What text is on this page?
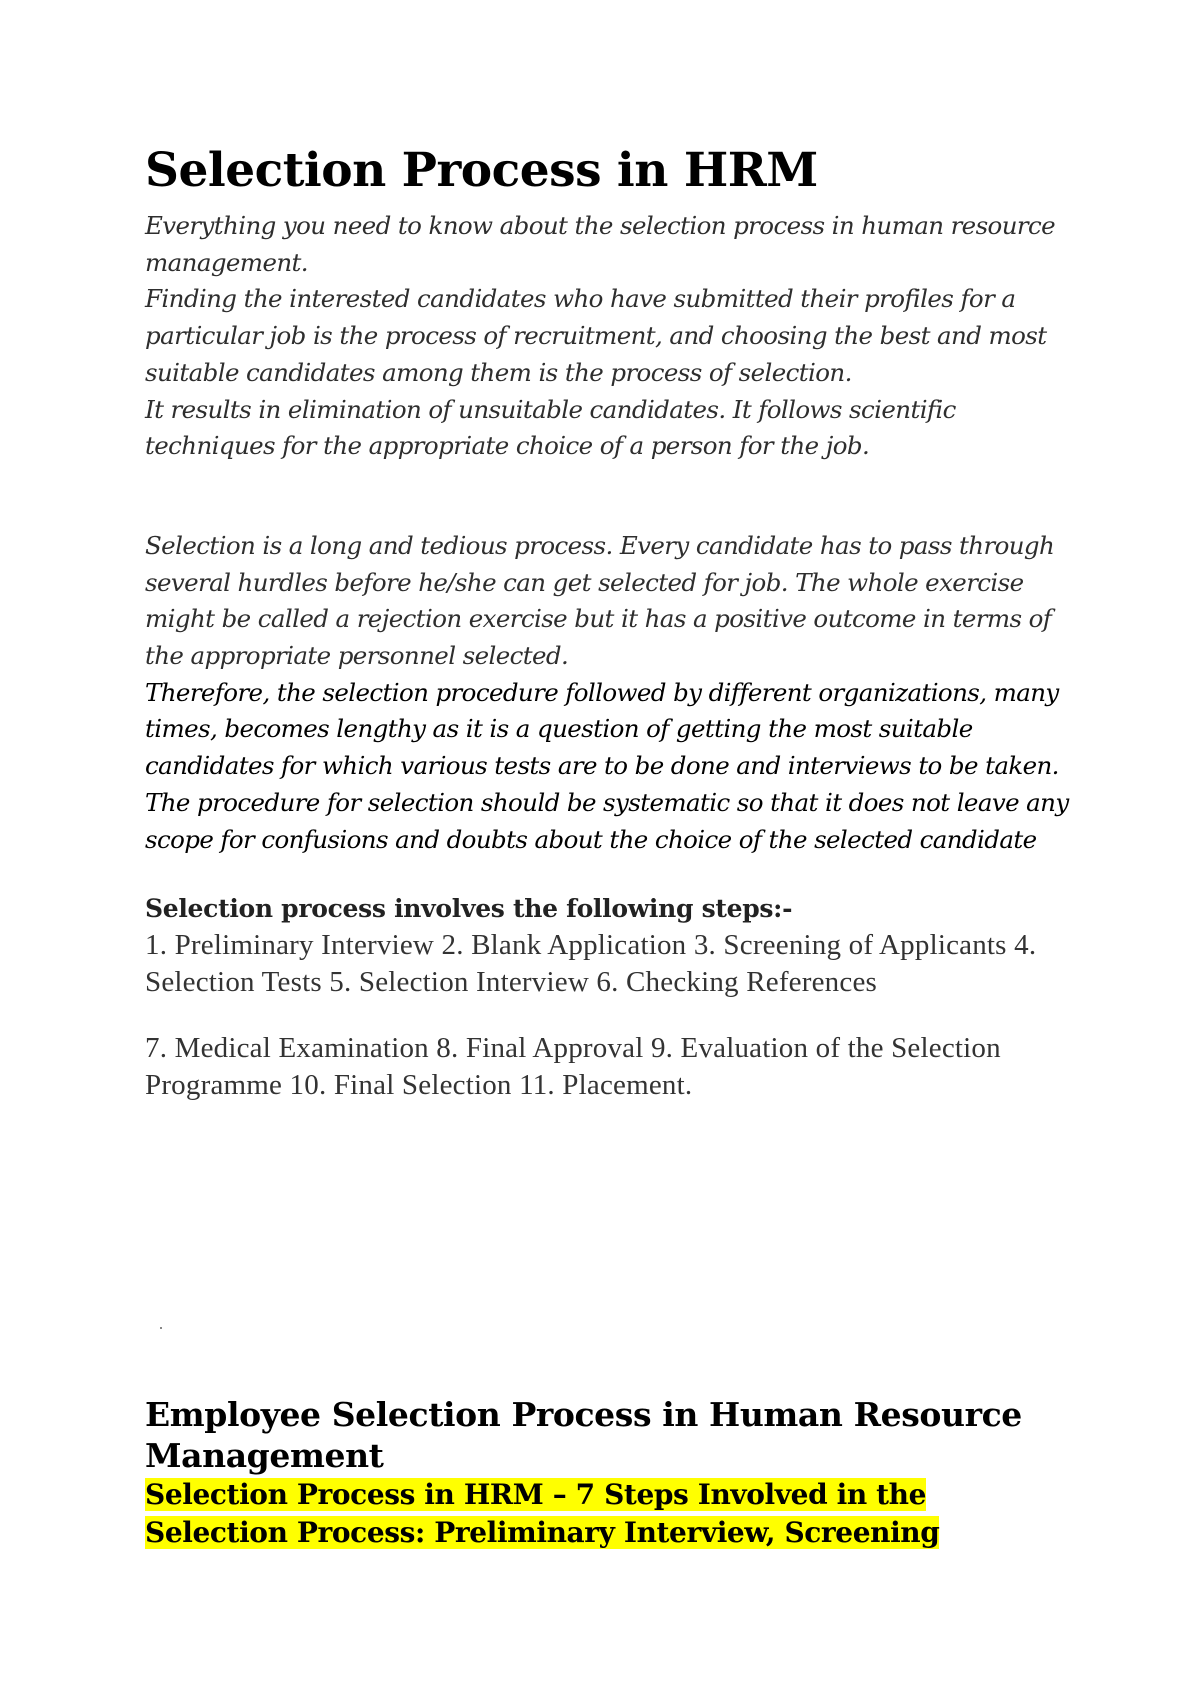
Selection Process in HRM

Everything you need to know about the selection process in human resource management.

Finding the interested candidates who have submitted their profiles for a particular job is the process of recruitment, and choosing the best and most suitable candidates among them is the process of selection.

It results in elimination of unsuitable candidates. It follows scientific techniques for the appropriate choice of a person for the job.

Selection is a long and tedious process. Every candidate has to pass through several hurdles before he/she can get selected for job. The whole exercise might be called a rejection exercise but it has a positive outcome in terms of the appropriate personnel selected.

Therefore, the selection procedure followed by different organizations, many times, becomes lengthy as it is a question of getting the most suitable candidates for which various tests are to be done and interviews to be taken.

The procedure for selection should be systematic so that it does not leave any scope for confusions and doubts about the choice of the selected candidate

Selection process involves the following steps:-

1. Preliminary Interview 2. Blank Application 3. Screening of Applicants 4. Selection Tests 5. Selection Interview 6. Checking References

7. Medical Examination 8. Final Approval 9. Evaluation of the Selection Programme 10. Final Selection 11. Placement.

Employee Selection Process in Human Resource Management
Selection Process in HRM – 7 Steps Involved in the Selection Process: Preliminary Interview, Screening
